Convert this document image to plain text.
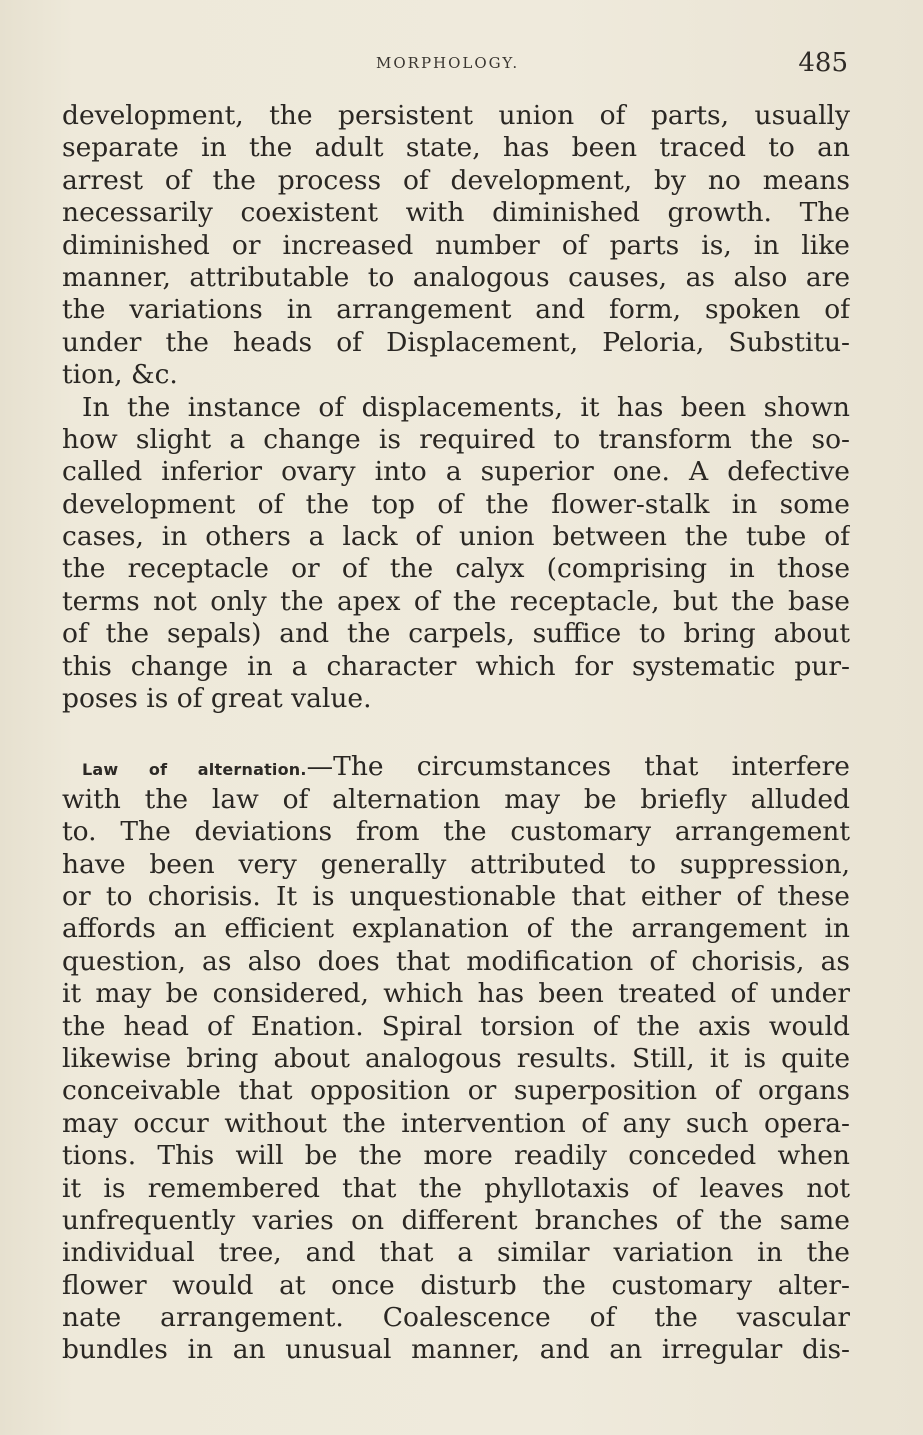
MORPHOLOGY.	485
development, the persistent union of parts, usually
separate in the adult state, has been traced to an
arrest of the process of development, by no means
necessarily coexistent with diminished growth. The
diminished or increased number of parts is, in like
manner, attributable to analogous causes, as also are
the variations in arrangement and form, spoken of
under the heads of Displacement, Peloria, Substitu-
tion, &c.
In the instance of displacements, it has been shown
how slight a change is required to transform the so-
called inferior ovary into a superior one. A defective
development of the top of the flower-stalk in some
cases, in others a lack of union between the tube of
the receptacle or of the calyx (comprising in those
terms not only the apex of the receptacle, but the base
of the sepals) and the carpels, suffice to bring about
this change in a character which for systematic pur-
poses is of great value.
Law of alternation.—The circumstances that interfere
with the law of alternation may be briefly alluded
to. The deviations from the customary arrangement
have been very generally attributed to suppression,
or to chorisis. It is unquestionable that either of these
affords an efficient explanation of the arrangement in
question, as also does that modification of chorisis, as
it may be considered, which has been treated of under
the head of Enation. Spiral torsion of the axis would
likewise bring about analogous results. Still, it is quite
conceivable that opposition or superposition of organs
may occur without the intervention of any such opera-
tions. This will be the more readily conceded when
it is remembered that the phyllotaxis of leaves not
unfrequently varies on different branches of the same
individual tree, and that a similar variation in the
flower would at once disturb the customary alter-
nate arrangement. Coalescence of the vascular
bundles in an unusual manner, and an irregular dis-
